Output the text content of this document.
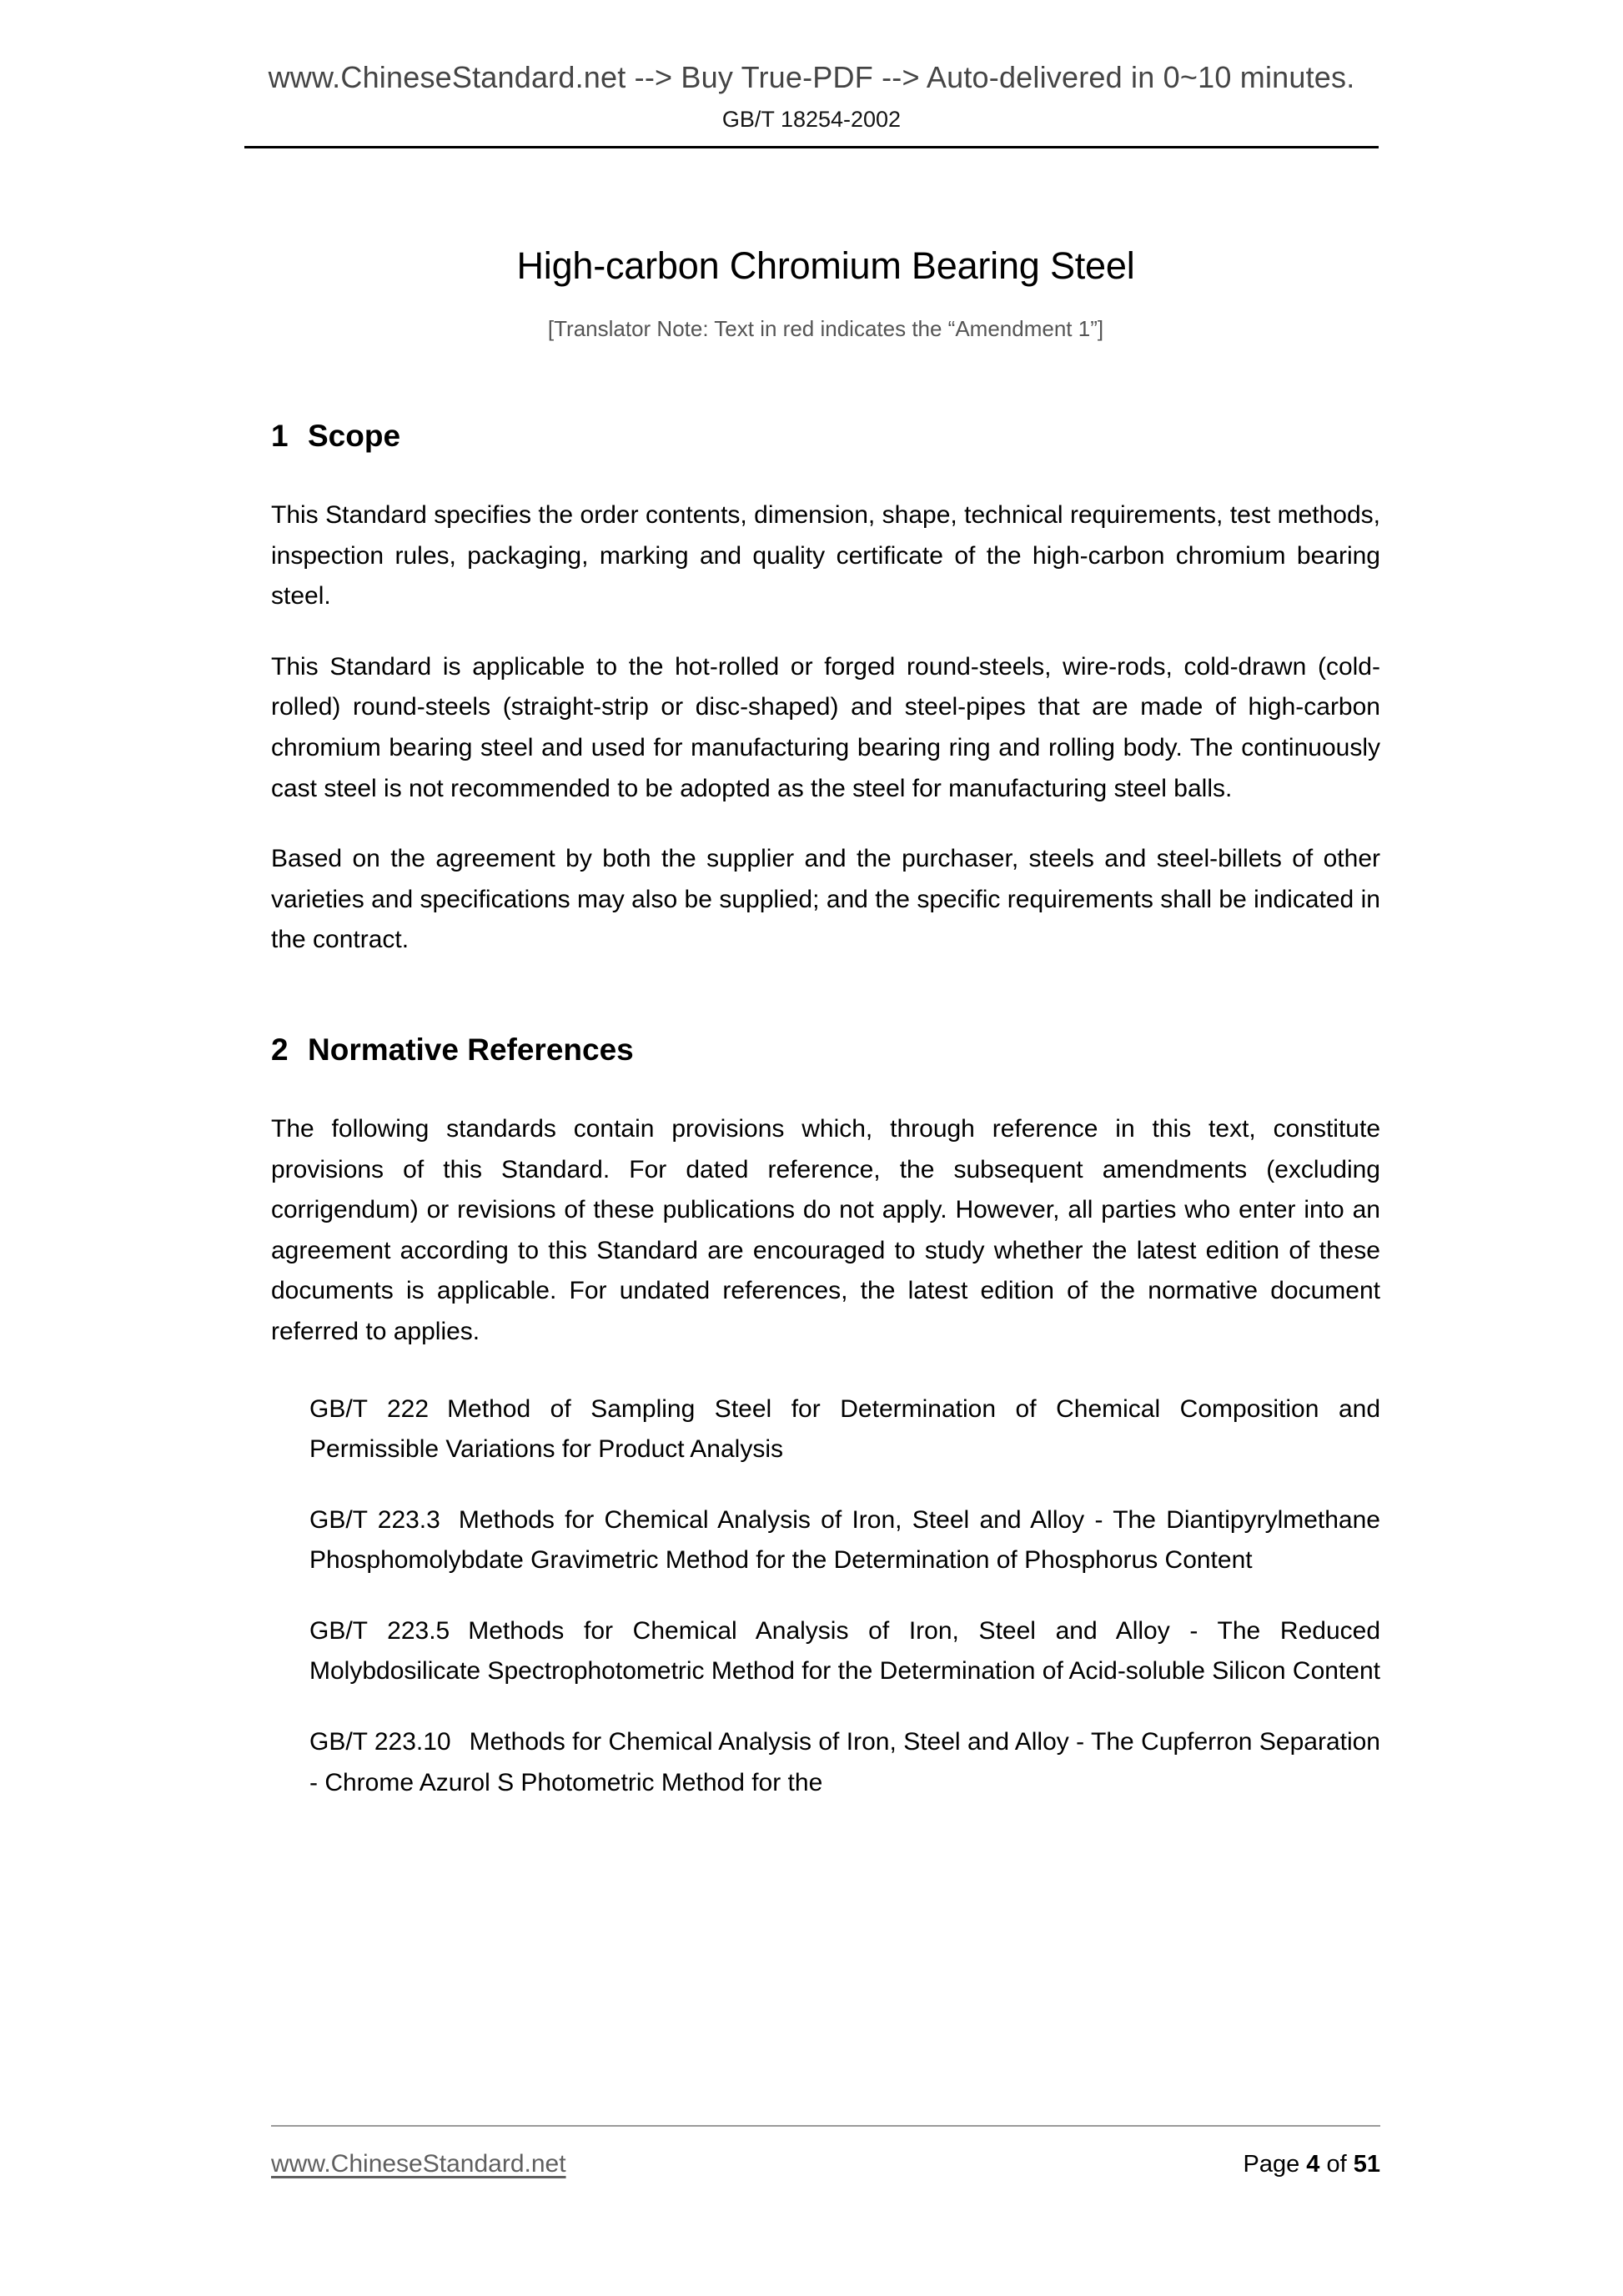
www.ChineseStandard.net --> Buy True-PDF --> Auto-delivered in 0~10 minutes.
GB/T 18254-2002
High-carbon Chromium Bearing Steel
[Translator Note: Text in red indicates the “Amendment 1”]
1 Scope

This Standard specifies the order contents, dimension, shape, technical requirements, test methods, inspection rules, packaging, marking and quality certificate of the high-carbon chromium bearing steel.

This Standard is applicable to the hot-rolled or forged round-steels, wire-rods, cold-drawn (cold-rolled) round-steels (straight-strip or disc-shaped) and steel-pipes that are made of high-carbon chromium bearing steel and used for manufacturing bearing ring and rolling body. The continuously cast steel is not recommended to be adopted as the steel for manufacturing steel balls.

Based on the agreement by both the supplier and the purchaser, steels and steel-billets of other varieties and specifications may also be supplied; and the specific requirements shall be indicated in the contract.

2 Normative References

The following standards contain provisions which, through reference in this text, constitute provisions of this Standard. For dated reference, the subsequent amendments (excluding corrigendum) or revisions of these publications do not apply. However, all parties who enter into an agreement according to this Standard are encouraged to study whether the latest edition of these documents is applicable. For undated references, the latest edition of the normative document referred to applies.

GB/T 222 Method of Sampling Steel for Determination of Chemical Composition and Permissible Variations for Product Analysis
GB/T 223.3 Methods for Chemical Analysis of Iron, Steel and Alloy - The Diantipyrylmethane Phosphomolybdate Gravimetric Method for the Determination of Phosphorus Content
GB/T 223.5 Methods for Chemical Analysis of Iron, Steel and Alloy - The Reduced Molybdosilicate Spectrophotometric Method for the Determination of Acid-soluble Silicon Content
GB/T 223.10 Methods for Chemical Analysis of Iron, Steel and Alloy - The Cupferron Separation - Chrome Azurol S Photometric Method for the
www.ChineseStandard.net	Page 4 of 51
